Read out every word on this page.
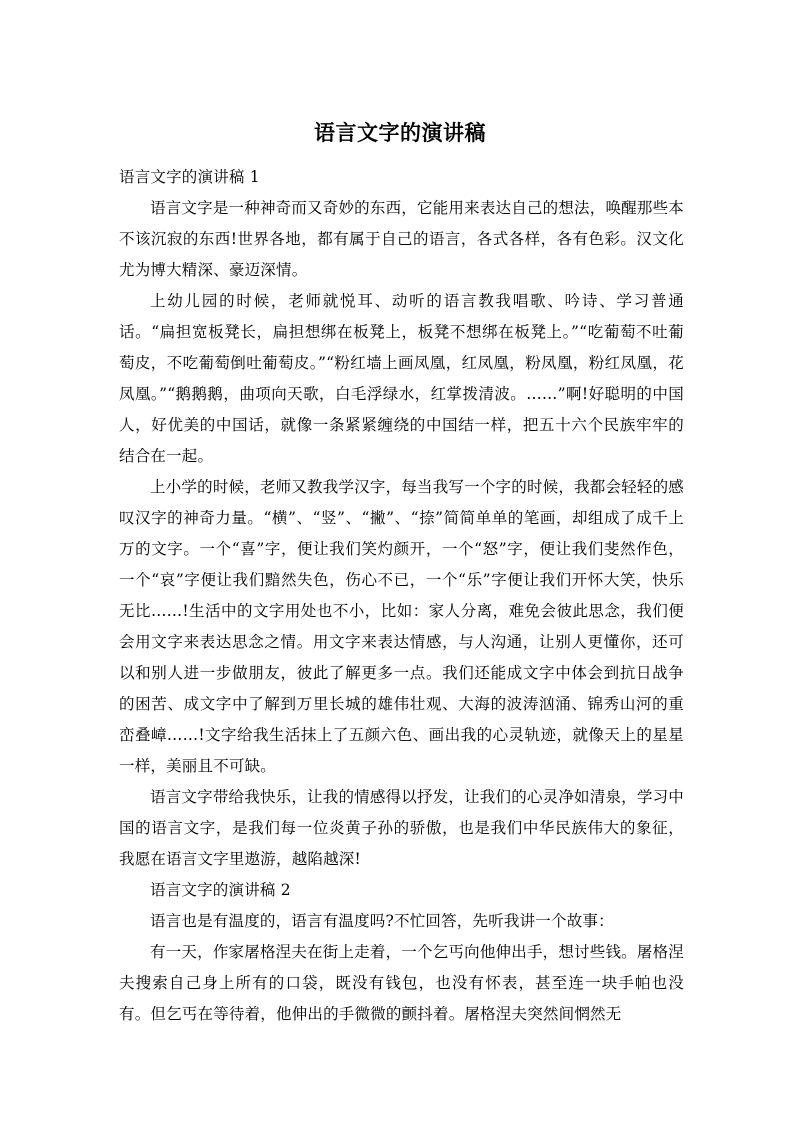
语言文字的演讲稿

语言文字的演讲稿 1

语言文字是一种神奇而又奇妙的东西，它能用来表达自己的想法，唤醒那些本不该沉寂的东西!世界各地，都有属于自己的语言，各式各样，各有色彩。汉文化尤为博大精深、豪迈深情。

上幼儿园的时候，老师就悦耳、动听的语言教我唱歌、吟诗、学习普通话。“扁担宽板凳长，扁担想绑在板凳上，板凳不想绑在板凳上。”“吃葡萄不吐葡萄皮，不吃葡萄倒吐葡萄皮。”“粉红墙上画凤凰，红凤凰，粉凤凰，粉红凤凰，花凤凰。”“鹅鹅鹅，曲项向天歌，白毛浮绿水，红掌拨清波。……”啊!好聪明的中国人，好优美的中国话，就像一条紧紧缠绕的中国结一样，把五十六个民族牢牢的结合在一起。

上小学的时候，老师又教我学汉字，每当我写一个字的时候，我都会轻轻的感叹汉字的神奇力量。“横”、“竖”、“撇”、“捺”简简单单的笔画，却组成了成千上万的文字。一个“喜”字，便让我们笑灼颜开，一个“怒”字，便让我们斐然作色，一个“哀”字便让我们黯然失色，伤心不已，一个“乐”字便让我们开怀大笑，快乐无比……!生活中的文字用处也不小，比如：家人分离，难免会彼此思念，我们便会用文字来表达思念之情。用文字来表达情感，与人沟通，让别人更懂你，还可以和别人进一步做朋友，彼此了解更多一点。我们还能成文字中体会到抗日战争的困苦、成文字中了解到万里长城的雄伟壮观、大海的波涛汹涌、锦秀山河的重峦叠嶂……!文字给我生活抹上了五颜六色、画出我的心灵轨迹，就像天上的星星一样，美丽且不可缺。

语言文字带给我快乐，让我的情感得以抒发，让我们的心灵净如清泉，学习中国的语言文字，是我们每一位炎黄子孙的骄傲，也是我们中华民族伟大的象征，我愿在语言文字里遨游，越陷越深!

语言文字的演讲稿 2

语言也是有温度的，语言有温度吗?不忙回答，先听我讲一个故事：

有一天，作家屠格涅夫在街上走着，一个乞丐向他伸出手，想讨些钱。屠格涅夫搜索自己身上所有的口袋，既没有钱包，也没有怀表，甚至连一块手帕也没有。但乞丐在等待着，他伸出的手微微的颤抖着。屠格涅夫突然间惘然无
